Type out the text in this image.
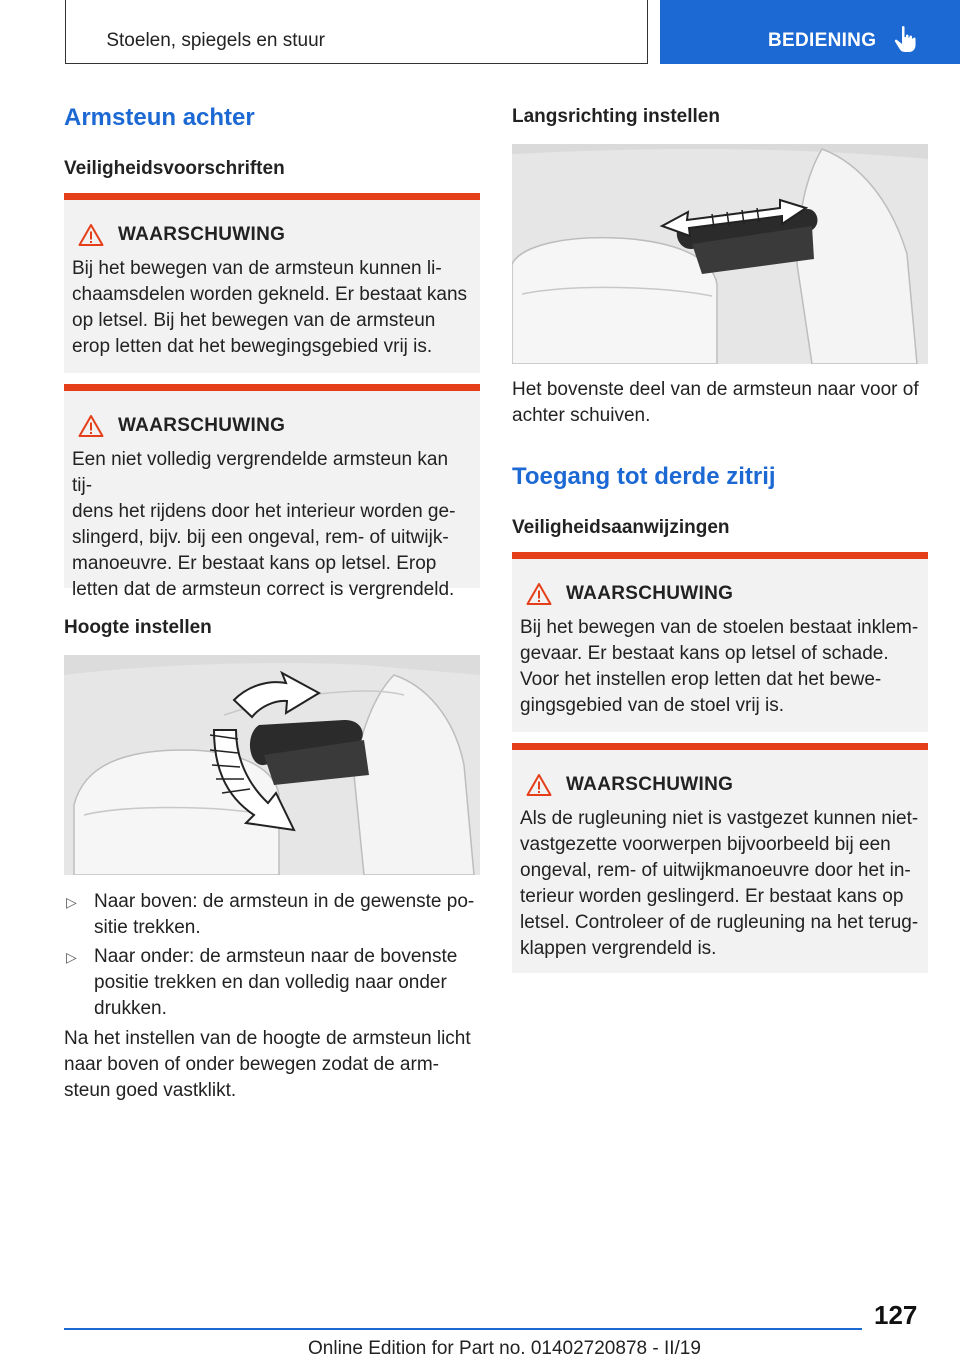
Stoelen, spiegels en stuur	BEDIENING
Armsteun achter
Veiligheidsvoorschriften
WAARSCHUWING
Bij het bewegen van de armsteun kunnen li-
chaamsdelen worden gekneld. Er bestaat kans
op letsel. Bij het bewegen van de armsteun
erop letten dat het bewegingsgebied vrij is.
WAARSCHUWING
Een niet volledig vergrendelde armsteun kan tij-
dens het rijdens door het interieur worden ge-
slingerd, bijv. bij een ongeval, rem- of uitwijk-
manoeuvre. Er bestaat kans op letsel. Erop
letten dat de armsteun correct is vergrendeld.
Hoogte instellen
▷ Naar boven: de armsteun in de gewenste po-
sitie trekken.
▷ Naar onder: de armsteun naar de bovenste
positie trekken en dan volledig naar onder
drukken.
Na het instellen van de hoogte de armsteun licht
naar boven of onder bewegen zodat de arm-
steun goed vastklikt.
Langsrichting instellen
Het bovenste deel van de armsteun naar voor of
achter schuiven.
Toegang tot derde zitrij
Veiligheidsaanwijzingen
WAARSCHUWING
Bij het bewegen van de stoelen bestaat inklem-
gevaar. Er bestaat kans op letsel of schade.
Voor het instellen erop letten dat het bewe-
gingsgebied van de stoel vrij is.
WAARSCHUWING
Als de rugleuning niet is vastgezet kunnen niet-
vastgezette voorwerpen bijvoorbeeld bij een
ongeval, rem- of uitwijkmanoeuvre door het in-
terieur worden geslingerd. Er bestaat kans op
letsel. Controleer of de rugleuning na het terug-
klappen vergrendeld is.
127
Online Edition for Part no. 01402720878 - II/19
